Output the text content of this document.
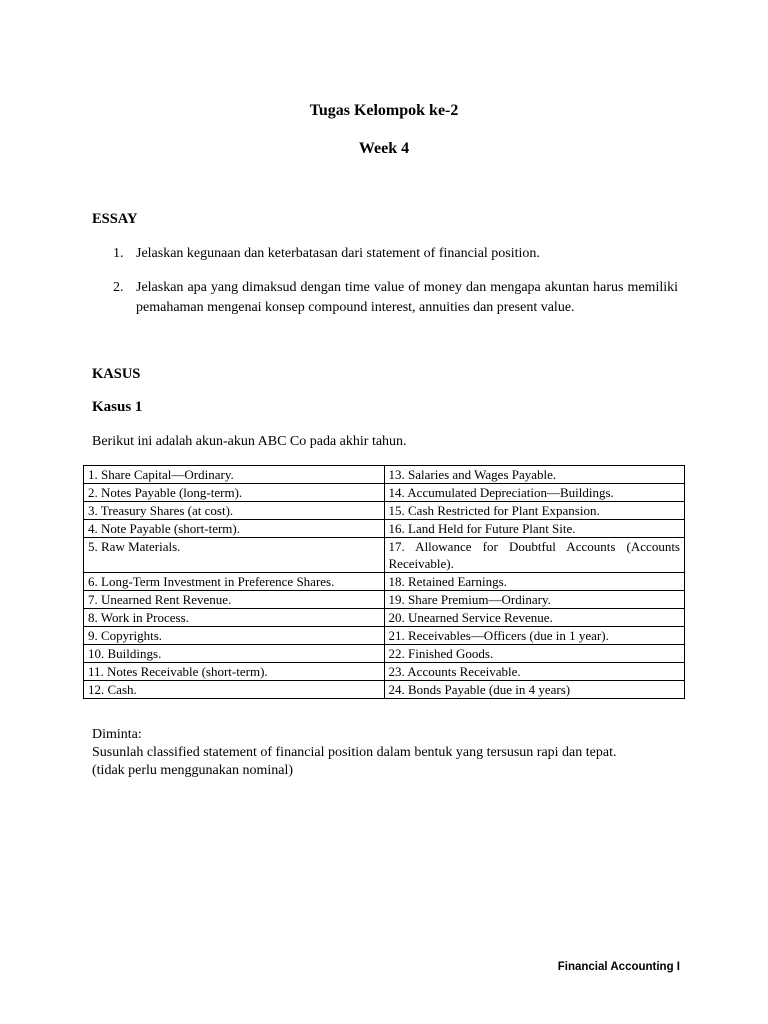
Tugas Kelompok ke-2
Week 4
ESSAY
1. Jelaskan kegunaan dan keterbatasan dari statement of financial position.
2. Jelaskan apa yang dimaksud dengan time value of money dan mengapa akuntan harus memiliki pemahaman mengenai konsep compound interest, annuities dan present value.
KASUS
Kasus 1
Berikut ini adalah akun-akun ABC Co pada akhir tahun.
1. Share Capital—Ordinary.	13. Salaries and Wages Payable.
2. Notes Payable (long-term).	14. Accumulated Depreciation—Buildings.
3. Treasury Shares (at cost).	15. Cash Restricted for Plant Expansion.
4. Note Payable (short-term).	16. Land Held for Future Plant Site.
5. Raw Materials.	17. Allowance for Doubtful Accounts (Accounts Receivable).
6. Long-Term Investment in Preference Shares.	18. Retained Earnings.
7. Unearned Rent Revenue.	19. Share Premium—Ordinary.
8. Work in Process.	20. Unearned Service Revenue.
9. Copyrights.	21. Receivables—Officers (due in 1 year).
10. Buildings.	22. Finished Goods.
11. Notes Receivable (short-term).	23. Accounts Receivable.
12. Cash.	24. Bonds Payable (due in 4 years)
Diminta:
Susunlah classified statement of financial position dalam bentuk yang tersusun rapi dan tepat.
(tidak perlu menggunakan nominal)
Financial Accounting I
